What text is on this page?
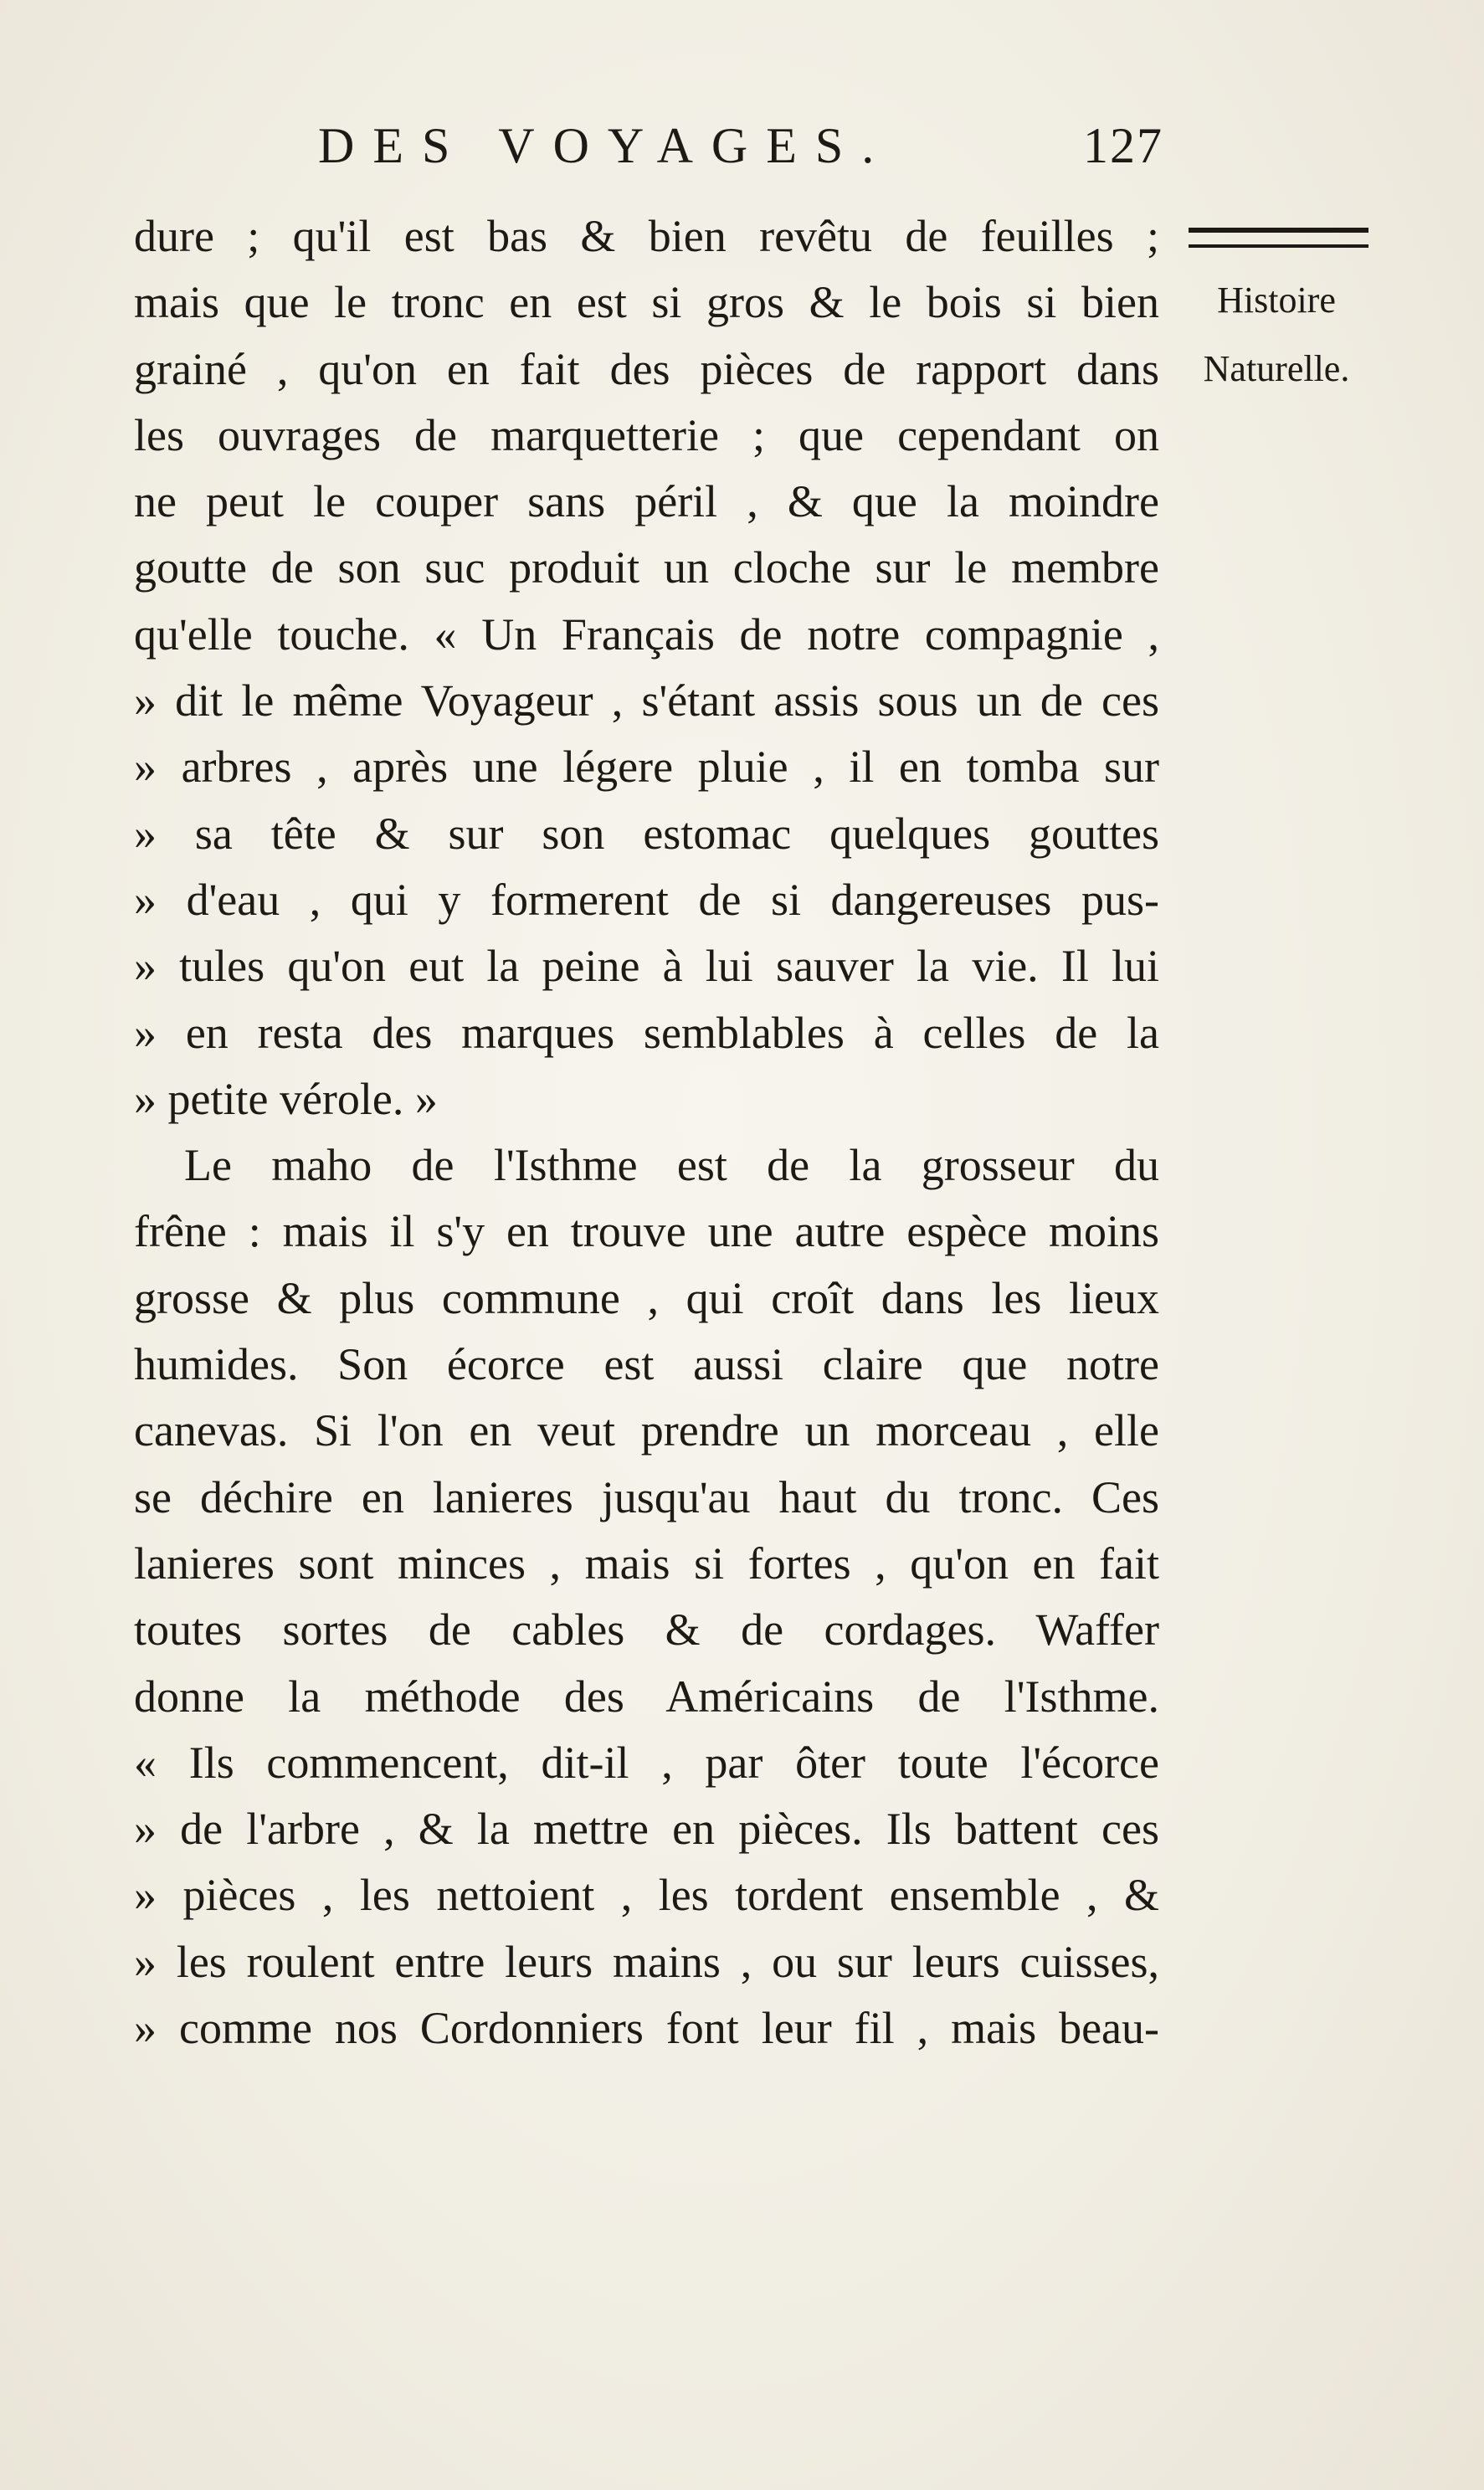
DES VOYAGES.	127
Histoire
Naturelle.
dure ; qu'il est bas & bien revêtu de feuilles ;
mais que le tronc en est si gros & le bois si bien
grainé , qu'on en fait des pièces de rapport dans
les ouvrages de marquetterie ; que cependant on
ne peut le couper sans péril , & que la moindre
goutte de son suc produit un cloche sur le membre
qu'elle touche. « Un Français de notre compagnie ,
» dit le même Voyageur , s'étant assis sous un de ces
» arbres , après une légere pluie , il en tomba sur
» sa tête & sur son estomac quelques gouttes
» d'eau , qui y formerent de si dangereuses pus-
» tules qu'on eut la peine à lui sauver la vie. Il lui
» en resta des marques semblables à celles de la
» petite vérole. »
Le maho de l'Isthme est de la grosseur du
frêne : mais il s'y en trouve une autre espèce moins
grosse & plus commune , qui croît dans les lieux
humides. Son écorce est aussi claire que notre
canevas. Si l'on en veut prendre un morceau , elle
se déchire en lanieres jusqu'au haut du tronc. Ces
lanieres sont minces , mais si fortes , qu'on en fait
toutes sortes de cables & de cordages. Waffer
donne la méthode des Américains de l'Isthme.
« Ils commencent, dit-il , par ôter toute l'écorce
» de l'arbre , & la mettre en pièces. Ils battent ces
» pièces , les nettoient , les tordent ensemble , &
» les roulent entre leurs mains , ou sur leurs cuisses,
» comme nos Cordonniers font leur fil , mais beau-
